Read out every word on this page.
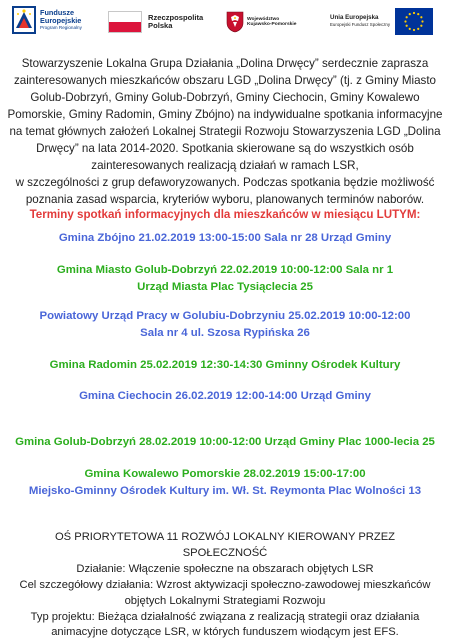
Fundusze
Europejskie
Program Regionalny
Rzeczpospolita
Polska
Województwo
Kujawsko-Pomorskie
Unia Europejska
Europejski Fundusz Społeczny

Stowarzyszenie Lokalna Grupa Działania „Dolina Drwęcy” serdecznie zaprasza

zainteresowanych mieszkańców obszaru LGD „Dolina Drwęcy” (tj. z Gminy Miasto

Golub-Dobrzyń, Gminy Golub-Dobrzyń, Gminy Ciechocin, Gminy Kowalewo

Pomorskie, Gminy Radomin, Gminy Zbójno) na indywidualne spotkania informacyjne

na temat głównych założeń Lokalnej Strategii Rozwoju Stowarzyszenia LGD „Dolina

Drwęcy” na lata 2014-2020. Spotkania skierowane są do wszystkich osób

zainteresowanych realizacją działań w ramach LSR,

w szczególności z grup defaworyzowanych. Podczas spotkania będzie możliwość

poznania zasad wsparcia, kryteriów wyboru, planowanych terminów naborów.

Terminy spotkań informacyjnych dla mieszkańców w miesiącu LUTYM:

Gmina Zbójno 21.02.2019 13:00-15:00 Sala nr 28 Urząd Gminy

Gmina Miasto Golub-Dobrzyń 22.02.2019 10:00-12:00 Sala nr 1

Urząd Miasta Plac Tysiąclecia 25

Powiatowy Urząd Pracy w Golubiu-Dobrzyniu 25.02.2019 10:00-12:00

Sala nr 4 ul. Szosa Rypińska 26

Gmina Radomin 25.02.2019 12:30-14:30 Gminny Ośrodek Kultury

Gmina Ciechocin 26.02.2019 12:00-14:00 Urząd Gminy

Gmina Golub-Dobrzyń 28.02.2019 10:00-12:00 Urząd Gminy Plac 1000-lecia 25

Gmina Kowalewo Pomorskie 28.02.2019 15:00-17:00

Miejsko-Gminny Ośrodek Kultury im. Wł. St. Reymonta Plac Wolności 13

OŚ PRIORYTETOWA 11 ROZWÓJ LOKALNY KIEROWANY PRZEZ

SPOŁECZNOŚĆ

Działanie: Włączenie społeczne na obszarach objętych LSR

Cel szczegółowy działania: Wzrost aktywizacji społeczno-zawodowej mieszkańców

objętych Lokalnymi Strategiami Rozwoju

Typ projektu: Bieżąca działalność związana z realizacją strategii oraz działania

animacyjne dotyczące LSR, w których funduszem wiodącym jest EFS.
